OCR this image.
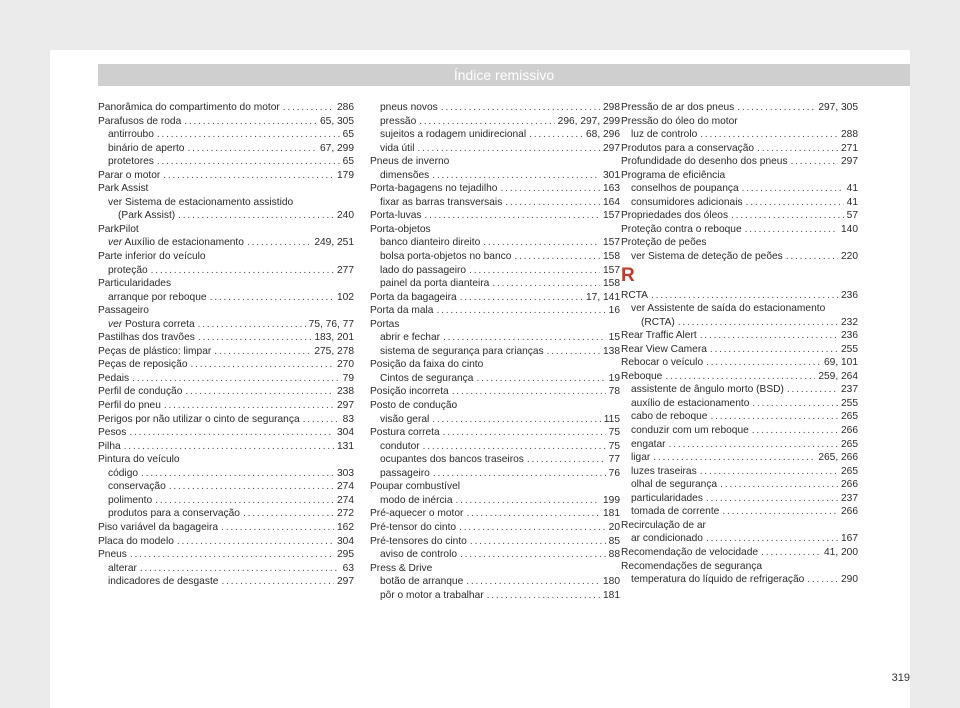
Índice remissivo
Panorâmica do compartimento do motor .....	286
Parafusos de roda .....	65, 305
antirroubo .....	65
binário de aperto .....	67, 299
protetores .....	65
Parar o motor .....	179
Park Assist
ver Sistema de estacionamento assistido
(Park Assist) .....	240
ParkPilot
ver Auxílio de estacionamento .....	249, 251
Parte inferior do veículo
proteção .....	277
Particularidades
arranque por reboque .....	102
Passageiro
ver Postura correta .....	75, 76, 77
Pastilhas dos travões .....	183, 201
Peças de plástico: limpar .....	275, 278
Peças de reposição .....	270
Pedais .....	79
Perfil de condução .....	238
Perfil do pneu .....	297
Perigos por não utilizar o cinto de segurança .....	83
Pesos .....	304
Pilha .....	131
Pintura do veículo
código .....	303
conservação .....	274
polimento .....	274
produtos para a conservação .....	272
Piso variável da bagageira .....	162
Placa do modelo .....	304
Pneus .....	295
alterar .....	63
indicadores de desgaste .....	297
pneus novos .....	298
pressão .....	296, 297, 299
sujeitos a rodagem unidirecional .....	68, 296
vida útil .....	297
Pneus de inverno
dimensões .....	301
Porta-bagagens no tejadilho .....	163
fixar as barras transversais .....	164
Porta-luvas .....	157
Porta-objetos
banco dianteiro direito .....	157
bolsa porta-objetos no banco .....	158
lado do passageiro .....	157
painel da porta dianteira .....	158
Porta da bagageira .....	17, 141
Porta da mala .....	16
Portas
abrir e fechar .....	15
sistema de segurança para crianças .....	138
Posição da faixa do cinto
Cintos de segurança .....	19
Posição incorreta .....	78
Posto de condução
visão geral .....	115
Postura correta .....	75
condutor .....	75
ocupantes dos bancos traseiros .....	77
passageiro .....	76
Poupar combustível
modo de inércia .....	199
Pré-aquecer o motor .....	181
Pré-tensor do cinto .....	20
Pré-tensores do cinto .....	85
aviso de controlo .....	88
Press & Drive
botão de arranque .....	180
pôr o motor a trabalhar .....	181
Pressão de ar dos pneus .....	297, 305
Pressão do óleo do motor
luz de controlo .....	288
Produtos para a conservação .....	271
Profundidade do desenho dos pneus .....	297
Programa de eficiência
conselhos de poupança .....	41
consumidores adicionais .....	41
Propriedades dos óleos .....	57
Proteção contra o reboque .....	140
Proteção de peões
ver Sistema de deteção de peões .....	220
R
RCTA .....	236
ver Assistente de saída do estacionamento
(RCTA) .....	232
Rear Traffic Alert .....	236
Rear View Camera .....	255
Rebocar o veículo .....	69, 101
Reboque .....	259, 264
assistente de ângulo morto (BSD) .....	237
auxílio de estacionamento .....	255
cabo de reboque .....	265
conduzir com um reboque .....	266
engatar .....	265
ligar .....	265, 266
luzes traseiras .....	265
olhal de segurança .....	266
particularidades .....	237
tomada de corrente .....	266
Recirculação de ar
ar condicionado .....	167
Recomendação de velocidade .....	41, 200
Recomendações de segurança
temperatura do líquido de refrigeração .....	290
319
